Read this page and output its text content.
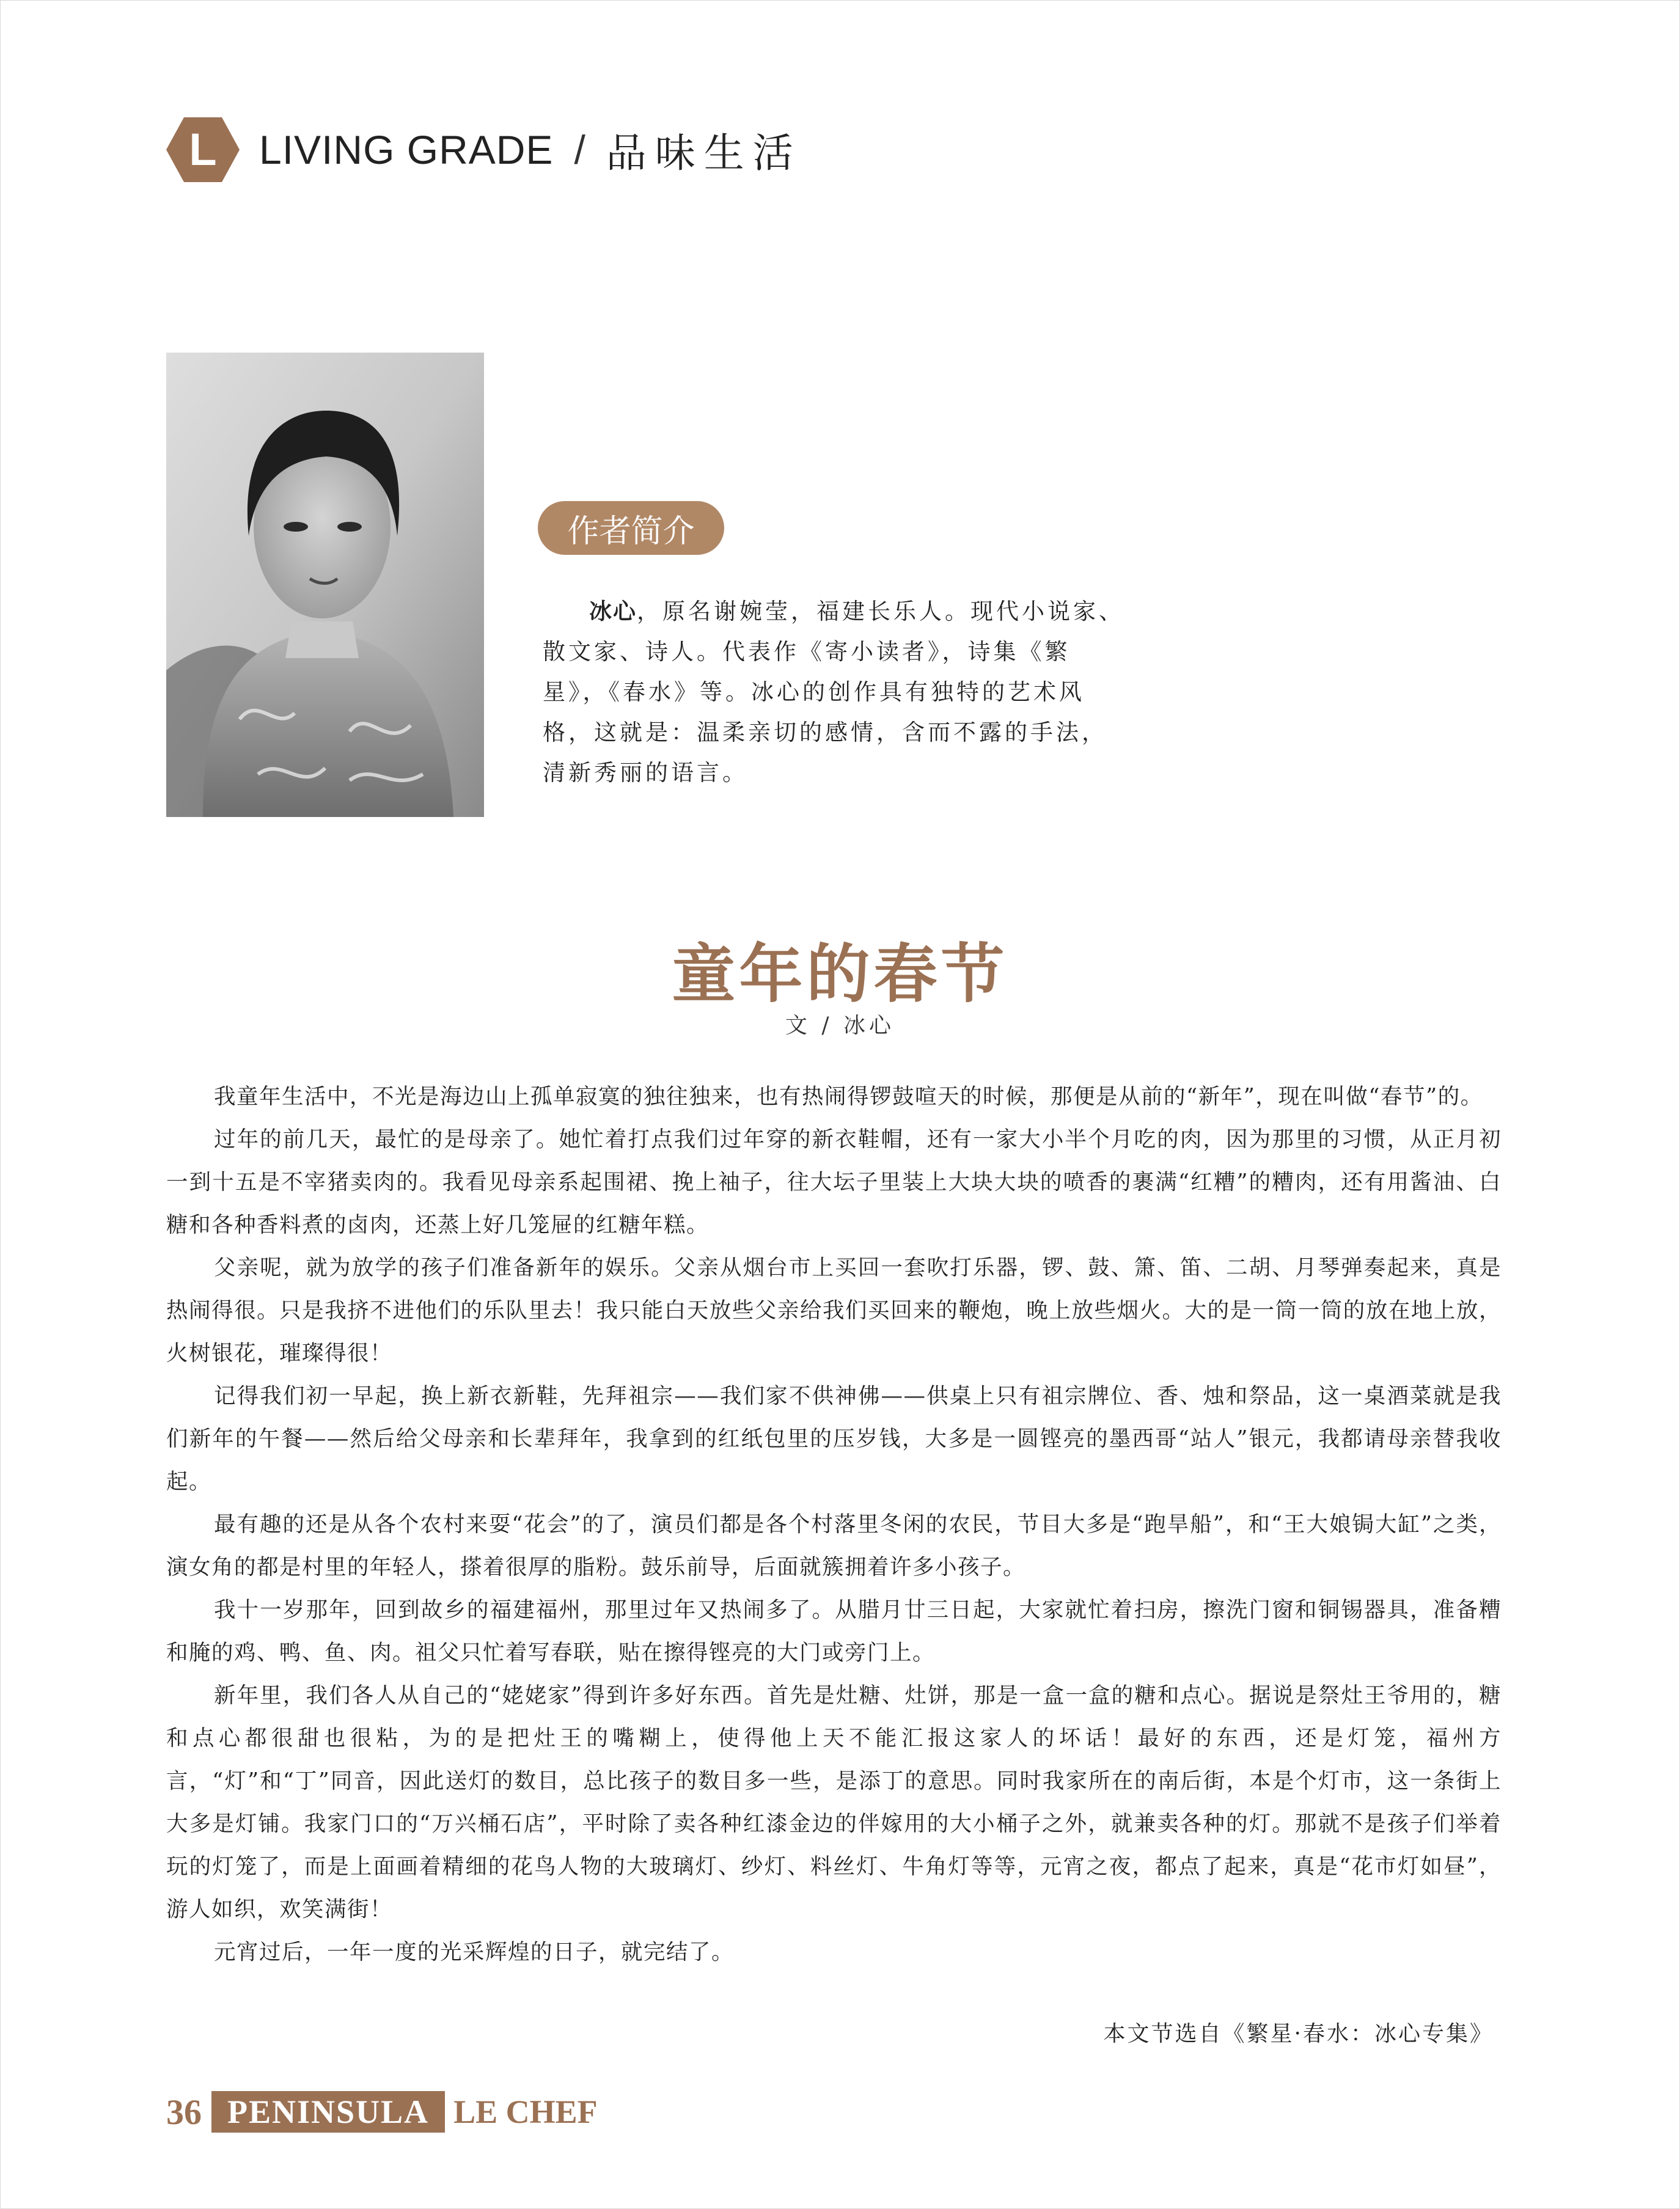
L	LIVING GRADE / 品味生活
作者简介

冰心，原名谢婉莹，福建长乐人。现代小说家、散文家、诗人。代表作《寄小读者》，诗集《繁星》，《春水》等。冰心的创作具有独特的艺术风格，这就是：温柔亲切的感情，含而不露的手法，清新秀丽的语言。

童年的春节
文 / 冰心

我童年生活中，不光是海边山上孤单寂寞的独往独来，也有热闹得锣鼓喧天的时候，那便是从前的“新年”，现在叫做“春节”的。

过年的前几天，最忙的是母亲了。她忙着打点我们过年穿的新衣鞋帽，还有一家大小半个月吃的肉，因为那里的习惯，从正月初一到十五是不宰猪卖肉的。我看见母亲系起围裙、挽上袖子，往大坛子里装上大块大块的喷香的裹满“红糟”的糟肉，还有用酱油、白糖和各种香料煮的卤肉，还蒸上好几笼屉的红糖年糕。

父亲呢，就为放学的孩子们准备新年的娱乐。父亲从烟台市上买回一套吹打乐器，锣、鼓、箫、笛、二胡、月琴弹奏起来，真是热闹得很。只是我挤不进他们的乐队里去！我只能白天放些父亲给我们买回来的鞭炮，晚上放些烟火。大的是一筒一筒的放在地上放，火树银花，璀璨得很！

记得我们初一早起，换上新衣新鞋，先拜祖宗——我们家不供神佛——供桌上只有祖宗牌位、香、烛和祭品，这一桌酒菜就是我们新年的午餐——然后给父母亲和长辈拜年，我拿到的红纸包里的压岁钱，大多是一圆铿亮的墨西哥“站人”银元，我都请母亲替我收起。

最有趣的还是从各个农村来耍“花会”的了，演员们都是各个村落里冬闲的农民，节目大多是“跑旱船”，和“王大娘锔大缸”之类，演女角的都是村里的年轻人，搽着很厚的脂粉。鼓乐前导，后面就簇拥着许多小孩子。

我十一岁那年，回到故乡的福建福州，那里过年又热闹多了。从腊月廿三日起，大家就忙着扫房，擦洗门窗和铜锡器具，准备糟和腌的鸡、鸭、鱼、肉。祖父只忙着写春联，贴在擦得铿亮的大门或旁门上。

新年里，我们各人从自己的“姥姥家”得到许多好东西。首先是灶糖、灶饼，那是一盒一盒的糖和点心。据说是祭灶王爷用的，糖和点心都很甜也很粘，为的是把灶王的嘴糊上，使得他上天不能汇报这家人的坏话！最好的东西，还是灯笼，福州方言，“灯”和“丁”同音，因此送灯的数目，总比孩子的数目多一些，是添丁的意思。同时我家所在的南后街，本是个灯市，这一条街上大多是灯铺。我家门口的“万兴桶石店”，平时除了卖各种红漆金边的伴嫁用的大小桶子之外，就兼卖各种的灯。那就不是孩子们举着玩的灯笼了，而是上面画着精细的花鸟人物的大玻璃灯、纱灯、料丝灯、牛角灯等等，元宵之夜，都点了起来，真是“花市灯如昼”，游人如织，欢笑满街！

元宵过后，一年一度的光采辉煌的日子，就完结了。

本文节选自《繁星·春水：冰心专集》
36 PENINSULA LE CHEF
